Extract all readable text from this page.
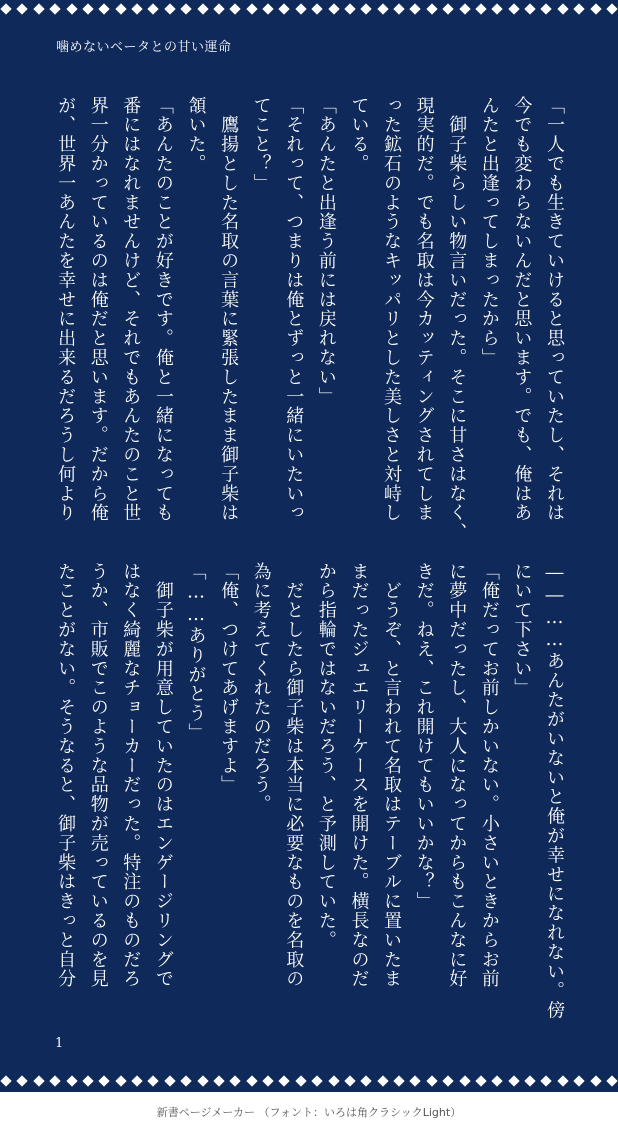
噛めないベータとの甘い運命
「一人でも生きていけると思っていたし、それは
今でも変わらないんだと思います。でも、俺はあ
んたと出逢ってしまったから」
　御子柴らしい物言いだった。そこに甘さはなく、
現実的だ。でも名取は今カッティングされてしま
った鉱石のようなキッパリとした美しさと対峙し
ている。
「あんたと出逢う前には戻れない」
「それって、つまりは俺とずっと一緒にいたいっ
てこと？」
　鷹揚とした名取の言葉に緊張したまま御子柴は
頷いた。
「あんたのことが好きです。俺と一緒になっても
番にはなれませんけど、それでもあんたのこと世
界一分かっているのは俺だと思います。だから俺
が、世界一あんたを幸せに出来るだろうし何より
――……あんたがいないと俺が幸せになれない。傍
にいて下さい」
「俺だってお前しかいない。小さいときからお前
に夢中だったし、大人になってからもこんなに好
きだ。ねえ、これ開けてもいいかな？」
　どうぞ、と言われて名取はテーブルに置いたま
まだったジュエリーケースを開けた。横長なのだ
から指輪ではないだろう、と予測していた。
　だとしたら御子柴は本当に必要なものを名取の
為に考えてくれたのだろう。
「俺、つけてあげますよ」
「……ありがとう」
　御子柴が用意していたのはエンゲージリングで
はなく綺麗なチョーカーだった。特注のものだろ
うか、市販でこのような品物が売っているのを見
たことがない。そうなると、御子柴はきっと自分
1
新書ページメーカー （フォント：いろは角クラシックLight）
